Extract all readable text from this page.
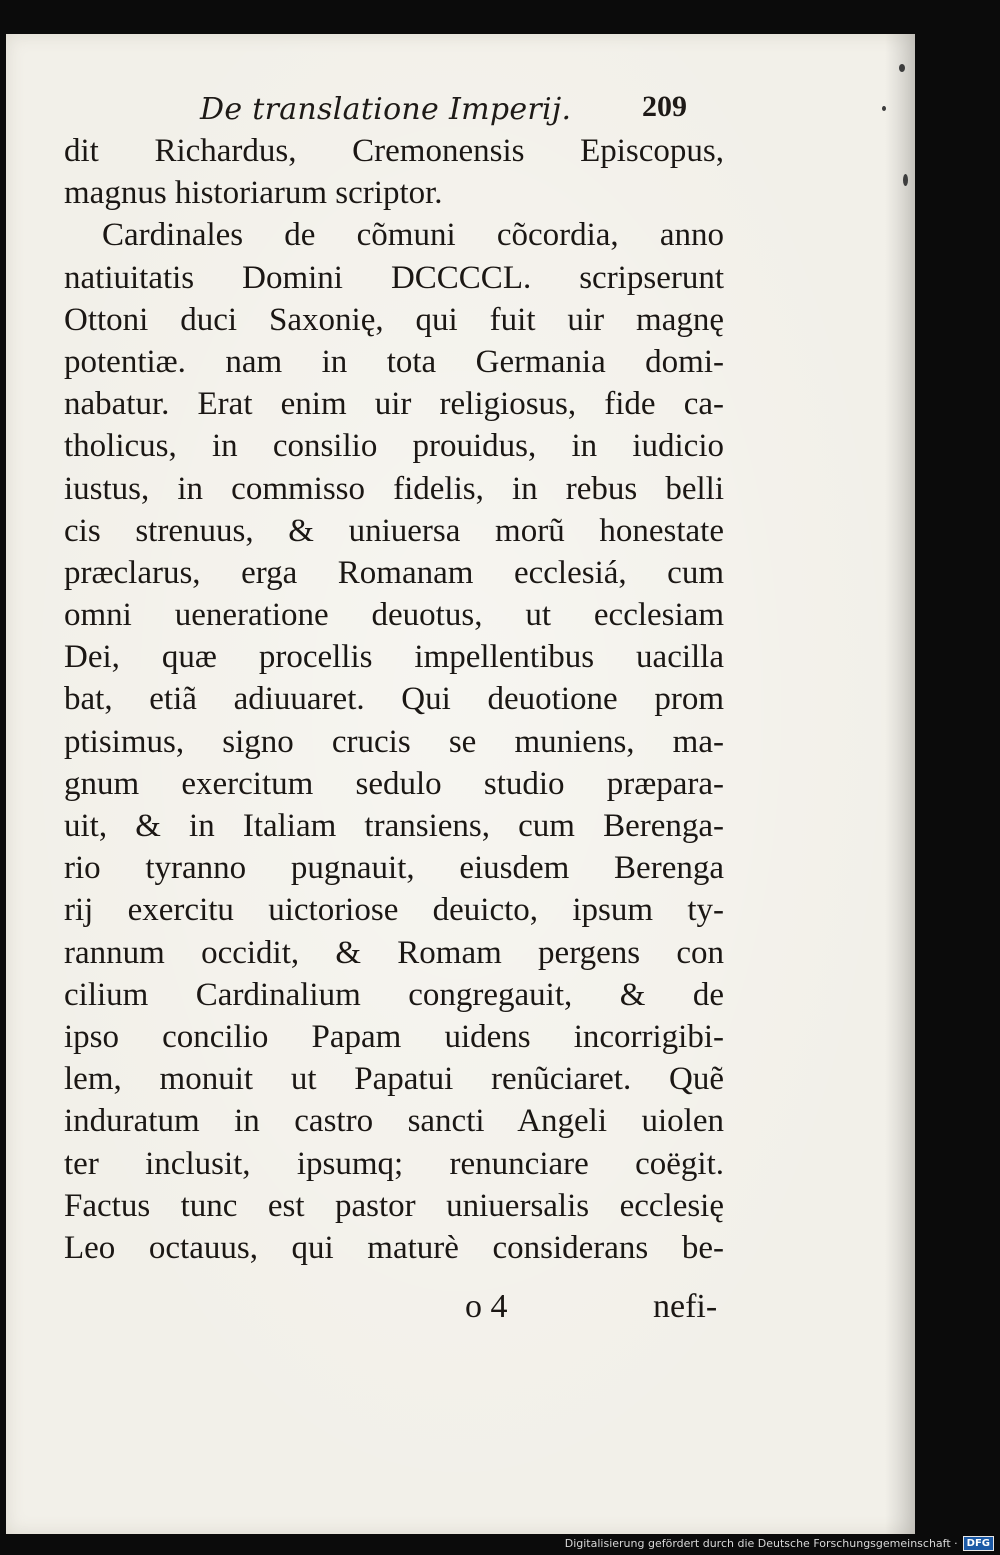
De translatione Imperij. 209
dit Richardus, Cremonensis Episcopus,
magnus historiarum scriptor.
Cardinales de cõmuni cõcordia, anno
natiuitatis Domini DCCCCL. scripserunt
Ottoni duci Saxonię, qui fuit uir magnę
potentiæ. nam in tota Germania domi-
nabatur. Erat enim uir religiosus, fide ca-
tholicus, in consilio prouidus, in iudicio
iustus, in commisso fidelis, in rebus belli
cis strenuus, & uniuersa morũ honestate
præclarus, erga Romanam ecclesiá, cum
omni ueneratione deuotus, ut ecclesiam
Dei, quæ procellis impellentibus uacilla
bat, etiã adiuuaret. Qui deuotione prom
ptisimus, signo crucis se muniens, ma-
gnum exercitum sedulo studio præpara-
uit, & in Italiam transiens, cum Berenga-
rio tyranno pugnauit, eiusdem Berenga
rij exercitu uictoriose deuicto, ipsum ty-
rannum occidit, & Romam pergens con
cilium Cardinalium congregauit, & de
ipso concilio Papam uidens incorrigibi-
lem, monuit ut Papatui renũciaret. Quẽ
induratum in castro sancti Angeli uiolen
ter inclusit, ipsumq; renunciare coëgit.
Factus tunc est pastor uniuersalis ecclesię
Leo octauus, qui maturè considerans be-
o 4	nefi-
Digitalisierung gefördert durch die Deutsche Forschungsgemeinschaft · DFG
